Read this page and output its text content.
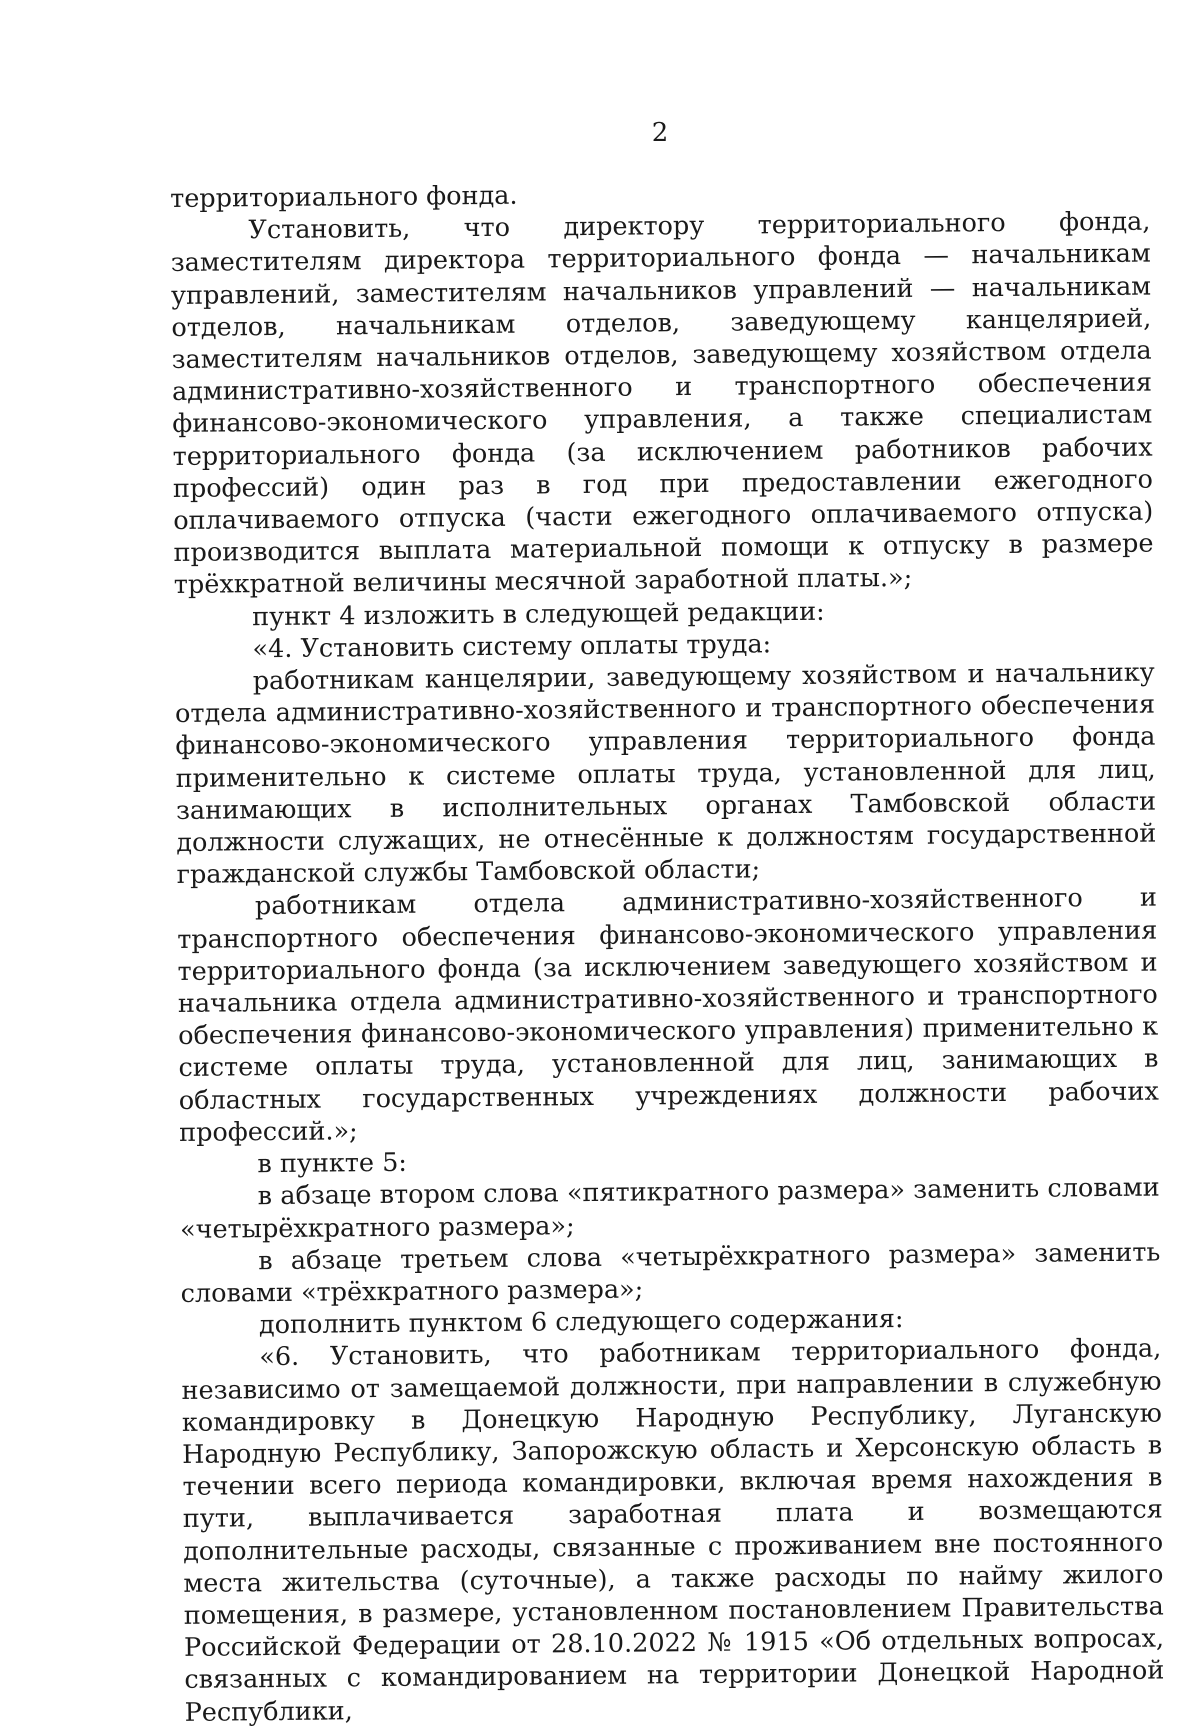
2

территориального фонда.

Установить, что директору территориального фонда, заместителям директора территориального фонда — начальникам управлений, заместителям начальников управлений — начальникам отделов, начальникам отделов, заведующему канцелярией, заместителям начальников отделов, заведующему хозяйством отдела административно-хозяйственного и транспортного обеспечения финансово-экономического управления, а также специалистам территориального фонда (за исключением работников рабочих профессий) один раз в год при предоставлении ежегодного оплачиваемого отпуска (части ежегодного оплачиваемого отпуска) производится выплата материальной помощи к отпуску в размере трёхкратной величины месячной заработной платы.»;

пункт 4 изложить в следующей редакции:

«4. Установить систему оплаты труда:

работникам канцелярии, заведующему хозяйством и начальнику отдела административно-хозяйственного и транспортного обеспечения финансово-экономического управления территориального фонда применительно к системе оплаты труда, установленной для лиц, занимающих в исполнительных органах Тамбовской области должности служащих, не отнесённые к должностям государственной гражданской службы Тамбовской области;

работникам отдела административно-хозяйственного и транспортного обеспечения финансово-экономического управления территориального фонда (за исключением заведующего хозяйством и начальника отдела административно-хозяйственного и транспортного обеспечения финансово-экономического управления) применительно к системе оплаты труда, установленной для лиц, занимающих в областных государственных учреждениях должности рабочих профессий.»;

в пункте 5:

в абзаце втором слова «пятикратного размера» заменить словами «четырёхкратного размера»;

в абзаце третьем слова «четырёхкратного размера» заменить словами «трёхкратного размера»;

дополнить пунктом 6 следующего содержания:

«6. Установить, что работникам территориального фонда, независимо от замещаемой должности, при направлении в служебную командировку в Донецкую Народную Республику, Луганскую Народную Республику, Запорожскую область и Херсонскую область в течении всего периода командировки, включая время нахождения в пути, выплачивается заработная плата и возмещаются дополнительные расходы, связанные с проживанием вне постоянного места жительства (суточные), а также расходы по найму жилого помещения, в размере, установленном постановлением Правительства Российской Федерации от 28.10.2022 № 1915 «Об отдельных вопросах, связанных с командированием на территории Донецкой Народной Республики,
